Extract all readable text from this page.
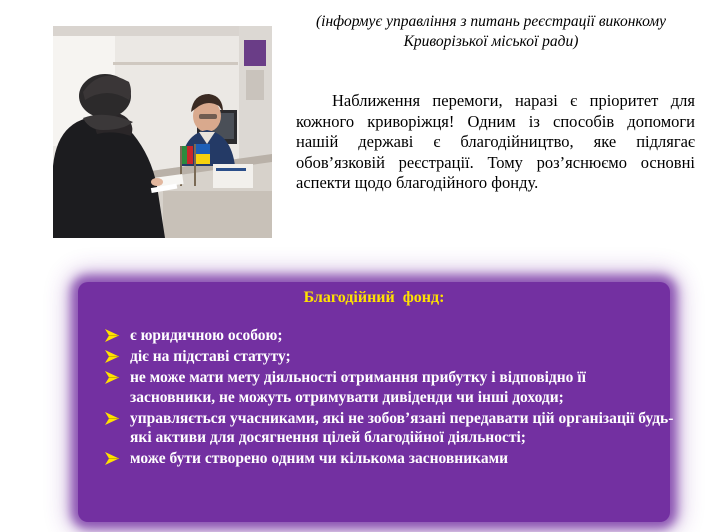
(інформує управління з питань реєстрації виконкому Криворізької міської ради)
Наближення перемоги, наразі є пріоритет для кожного криворіжця! Одним із способів допомоги нашій державі є благодійництво, яке підлягає обов’язковій реєстрації. Тому роз’яснюємо основні аспекти щодо благодійного фонду.
Благодійний  фонд:
є юридичною особою;
діє на підставі статуту;
не може мати мету діяльності отримання прибутку і відповідно її засновники, не можуть отримувати дивіденди чи інші доходи;
управляється учасниками, які не зобов’язані передавати цій організації будь-які активи для досягнення цілей благодійної діяльності;
може бути створено одним чи кількома засновниками
